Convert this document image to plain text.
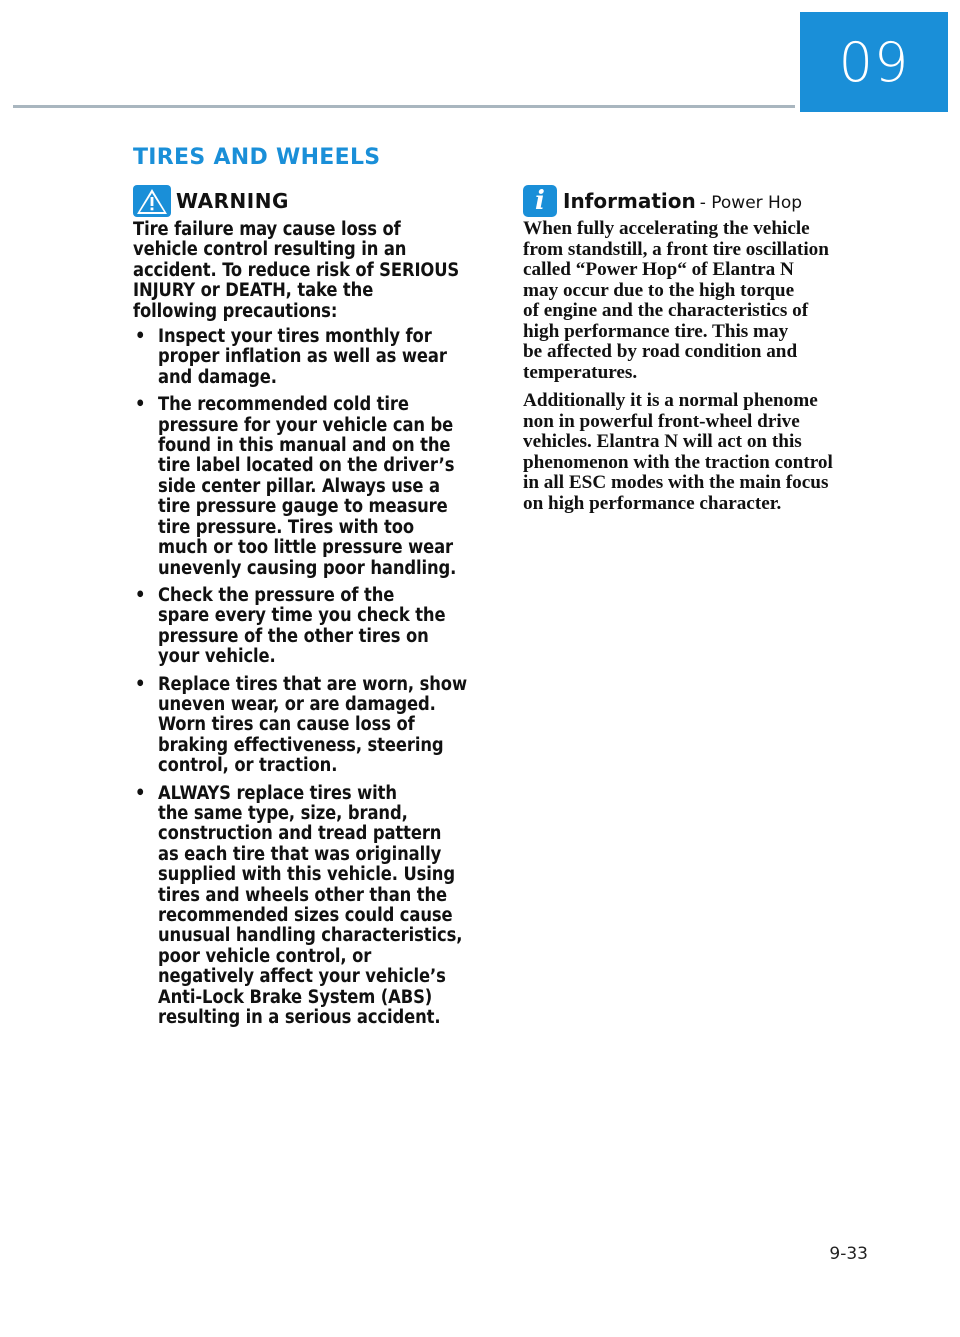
09
TIRES AND WHEELS
WARNING

Tire failure may cause loss of
vehicle control resulting in an
accident. To reduce risk of SERIOUS
INJURY or DEATH, take the
following precautions:

• Inspect your tires monthly for
proper inflation as well as wear
and damage.
• The recommended cold tire
pressure for your vehicle can be
found in this manual and on the
tire label located on the driver’s
side center pillar. Always use a
tire pressure gauge to measure
tire pressure. Tires with too
much or too little pressure wear
unevenly causing poor handling.
• Check the pressure of the
spare every time you check the
pressure of the other tires on
your vehicle.
• Replace tires that are worn, show
uneven wear, or are damaged.
Worn tires can cause loss of
braking effectiveness, steering
control, or traction.
• ALWAYS replace tires with
the same type, size, brand,
construction and tread pattern
as each tire that was originally
supplied with this vehicle. Using
tires and wheels other than the
recommended sizes could cause
unusual handling characteristics,
poor vehicle control, or
negatively affect your vehicle’s
Anti-Lock Brake System (ABS)
resulting in a serious accident.
i Information - Power Hop

When fully accelerating the vehicle
from standstill, a front tire oscillation
called “Power Hop“ of Elantra N
may occur due to the high torque
of engine and the characteristics of
high performance tire. This may
be affected by road condition and
temperatures.

Additionally it is a normal phenome
non in powerful front-wheel drive
vehicles. Elantra N will act on this
phenomenon with the traction control
in all ESC modes with the main focus
on high performance character.

9-33
